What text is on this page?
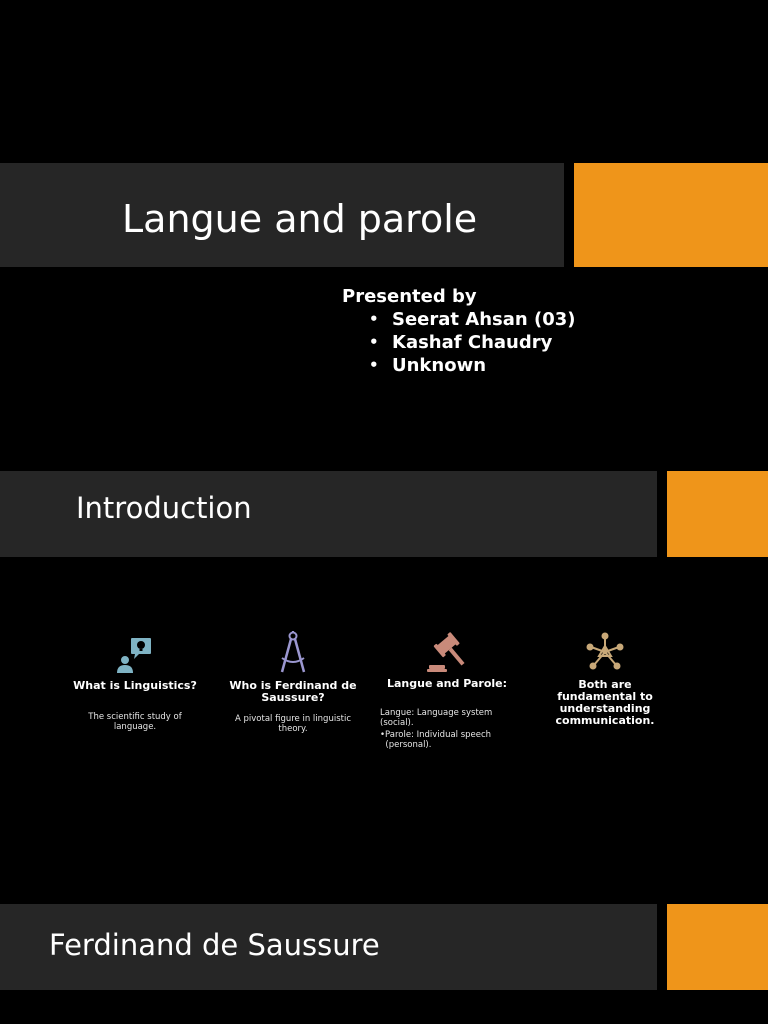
Langue and parole
Presented by
• Seerat Ahsan (03)
• Kashaf Chaudry
• Unknown
Introduction
What is Linguistics?
The scientific study of
language.
Who is Ferdinand de
Saussure?
A pivotal figure in linguistic
theory.
Langue and Parole:
Langue: Language system
(social).
•Parole: Individual speech
(personal).
Both are
fundamental to
understanding
communication.
Ferdinand de Saussure
